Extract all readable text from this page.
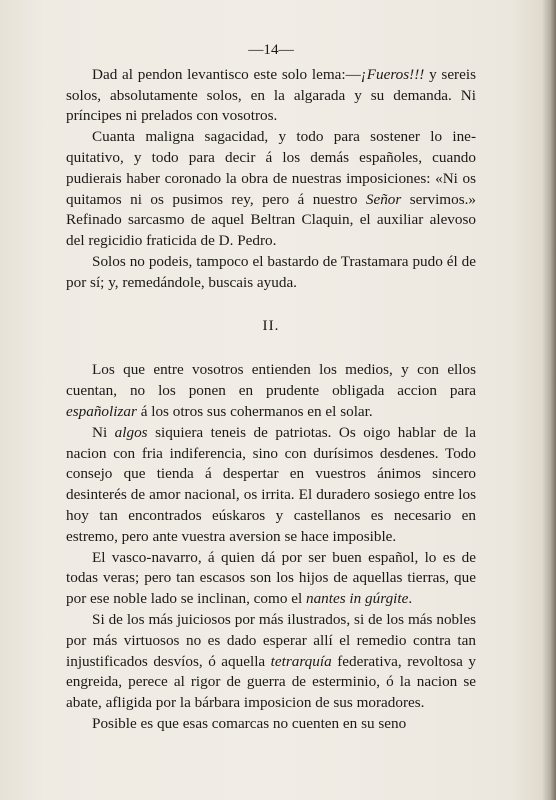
—14—

Dad al pendon levantisco este solo lema:—¡Fueros!!! y sereis solos, absolutamente solos, en la algarada y su demanda. Ni príncipes ni prelados con vosotros.

Cuanta maligna sagacidad, y todo para sostener lo inequitativo, y todo para decir á los demás españoles, cuando pudierais haber coronado la obra de nuestras imposiciones: «Ni os quitamos ni os pusimos rey, pero á nuestro Señor servimos.» Refinado sarcasmo de aquel Beltran Claquin, el auxiliar alevoso del regicidio fraticida de D. Pedro.

Solos no podeis, tampoco el bastardo de Trastamara pudo él de por sí; y, remedándole, buscais ayuda.

II.

Los que entre vosotros entienden los medios, y con ellos cuentan, no los ponen en prudente obligada accion para españolizar á los otros sus cohermanos en el solar.

Ni algos siquiera teneis de patriotas. Os oigo hablar de la nacion con fria indiferencia, sino con durísimos desdenes. Todo consejo que tienda á despertar en vuestros ánimos sincero desinterés de amor nacional, os irrita. El duradero sosiego entre los hoy tan encontrados eúskaros y castellanos es necesario en estremo, pero ante vuestra aversion se hace imposible.

El vasco-navarro, á quien dá por ser buen español, lo es de todas veras; pero tan escasos son los hijos de aquellas tierras, que por ese noble lado se inclinan, como el nantes in gúrgite.

Si de los más juiciosos por más ilustrados, si de los más nobles por más virtuosos no es dado esperar allí el remedio contra tan injustificados desvíos, ó aquella tetrarquía federativa, revoltosa y engreida, perece al rigor de guerra de esterminio, ó la nacion se abate, afligida por la bárbara imposicion de sus moradores.

Posible es que esas comarcas no cuenten en su seno
